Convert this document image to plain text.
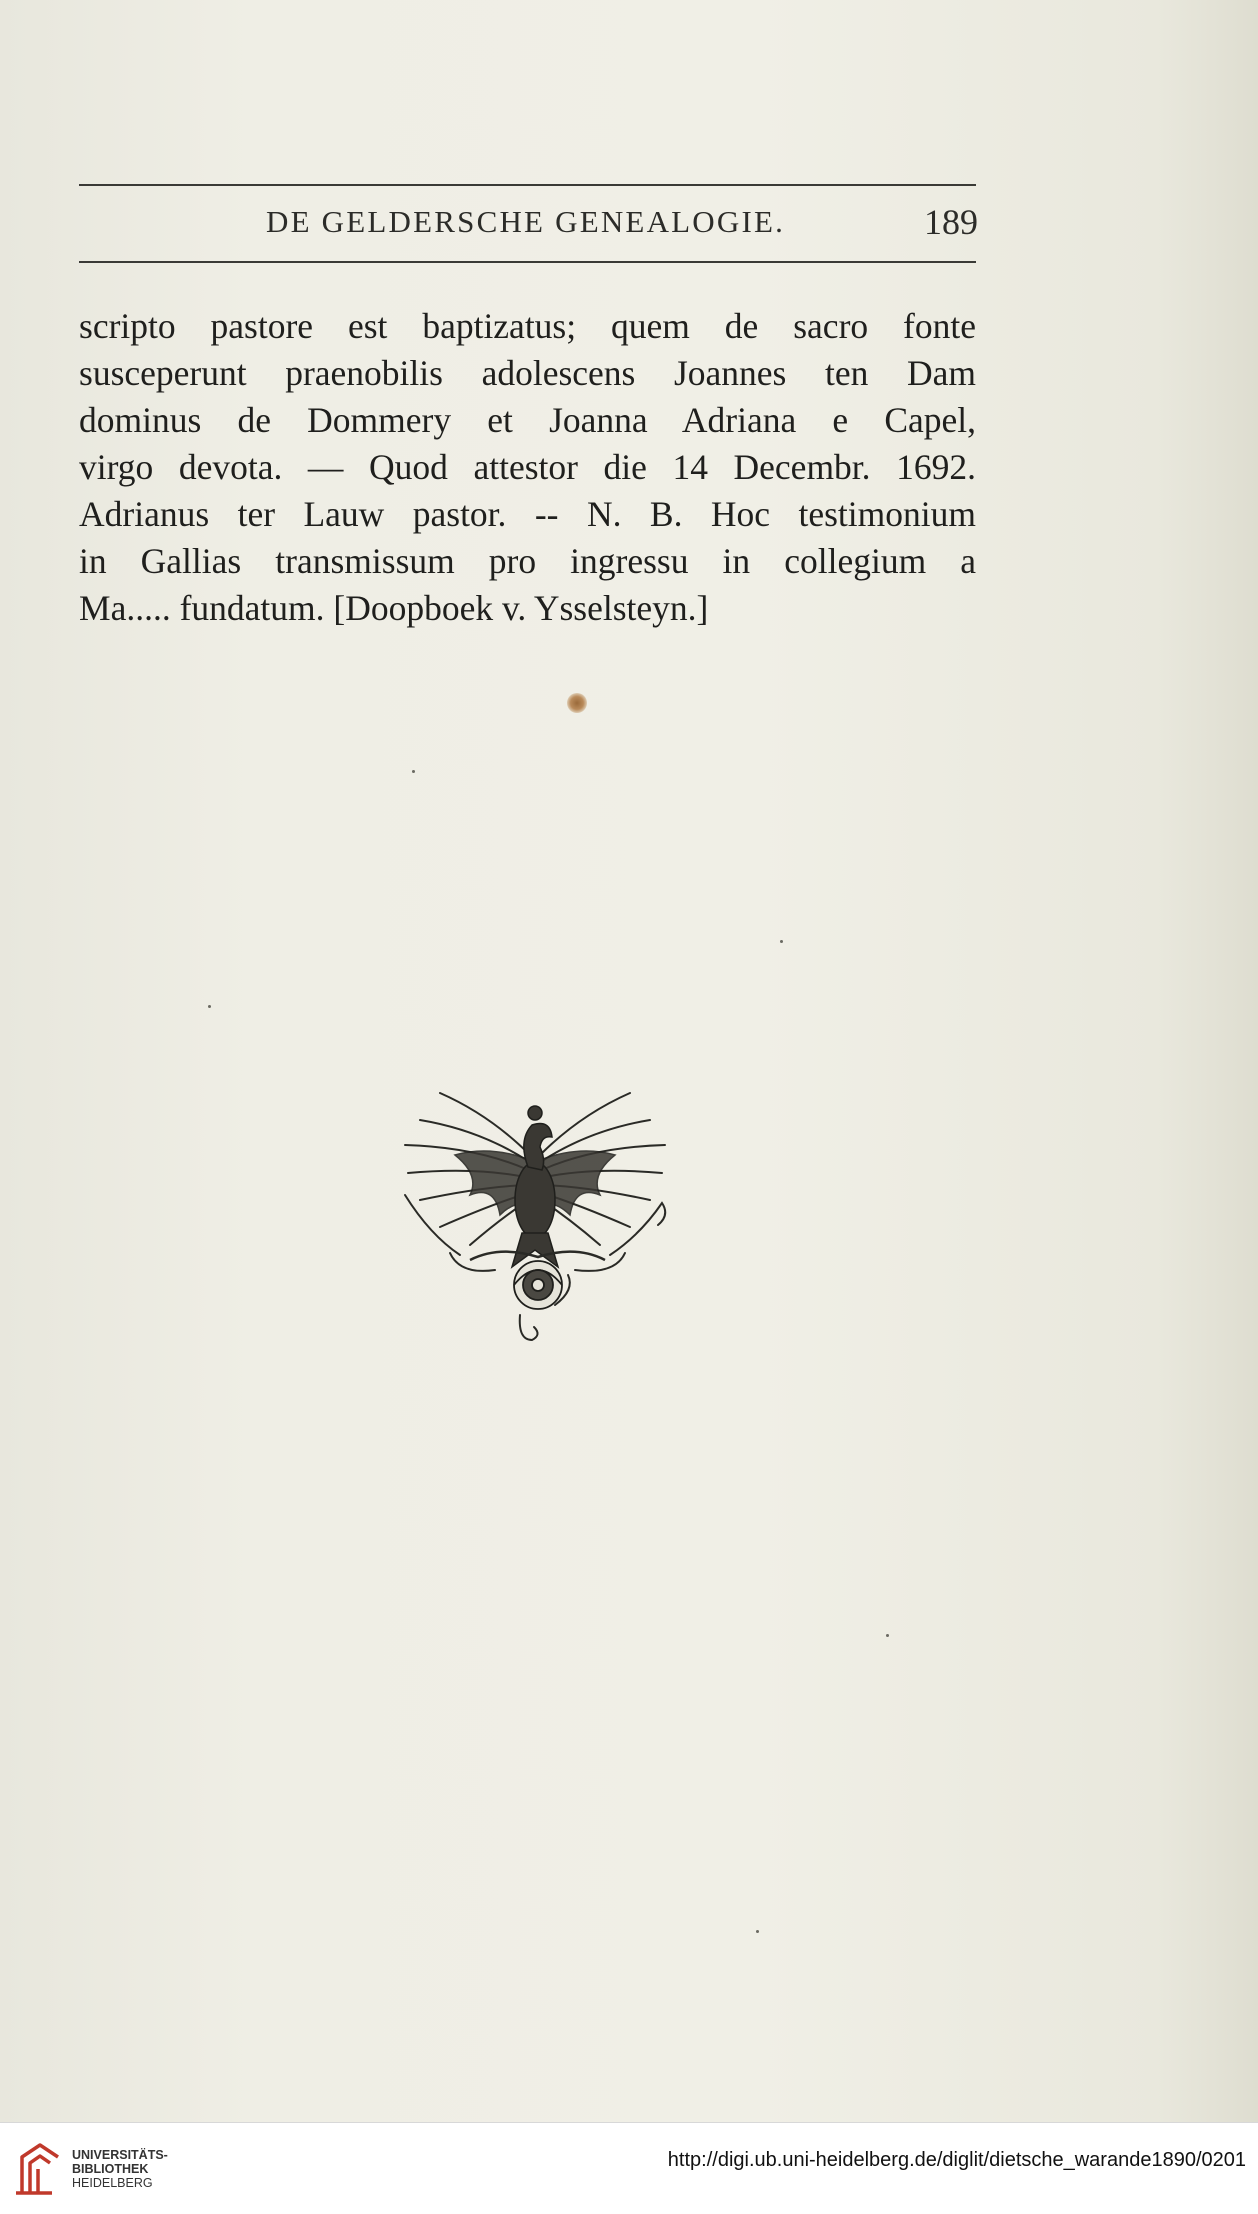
DE GELDERSCHE GENEALOGIE.	189
scripto pastore est baptizatus; quem de sacro fonte
susceperunt praenobilis adolescens Joannes ten Dam
dominus de Dommery et Joanna Adriana e Capel,
virgo devota. — Quod attestor die 14 Decembr. 1692.
Adrianus ter Lauw pastor. -- N. B. Hoc testimonium
in Gallias transmissum pro ingressu in collegium a
Ma..... fundatum. [Doopboek v. Ysselsteyn.]
UNIVERSITÄTS-
BIBLIOTHEK
HEIDELBERG
http://digi.ub.uni-heidelberg.de/diglit/dietsche_warande1890/0201
